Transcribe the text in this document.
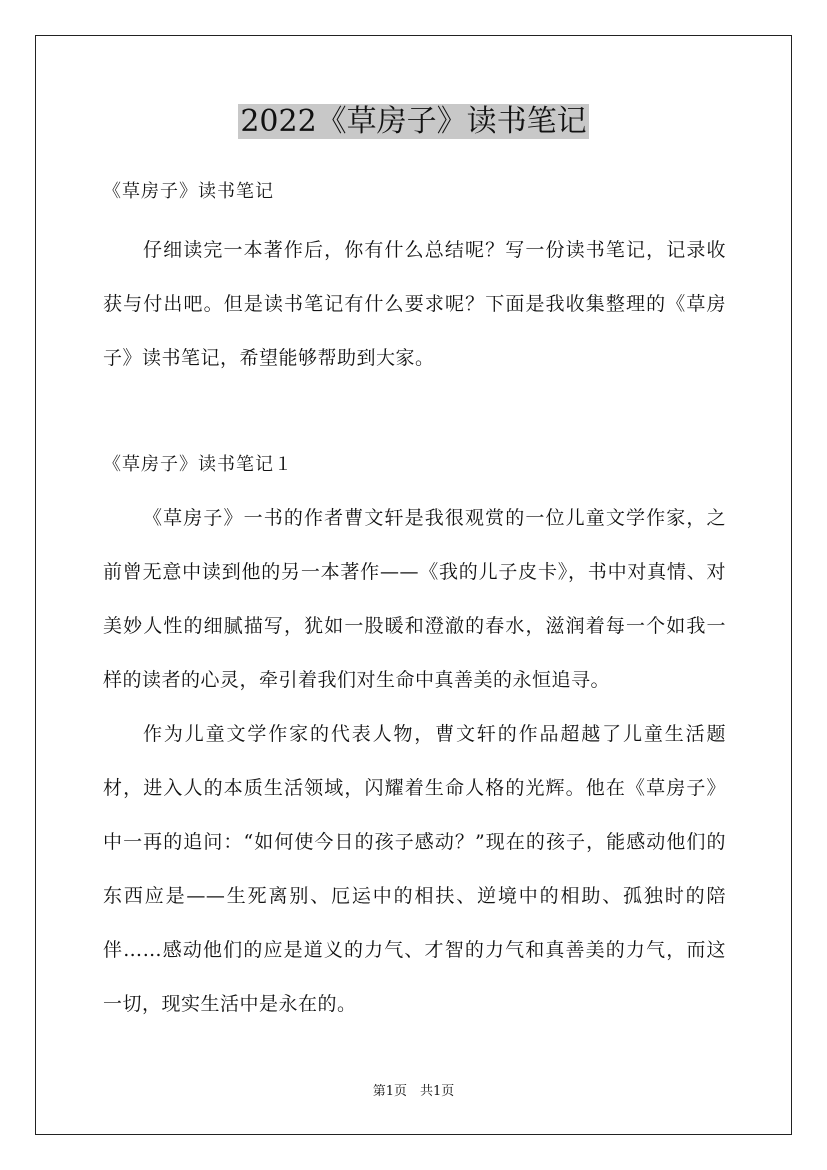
2022《草房子》读书笔记
《草房子》读书笔记

仔细读完一本著作后，你有什么总结呢？写一份读书笔记，记录收获与付出吧。但是读书笔记有什么要求呢？下面是我收集整理的《草房子》读书笔记，希望能够帮助到大家。

《草房子》读书笔记１

《草房子》一书的作者曹文轩是我很观赏的一位儿童文学作家，之前曾无意中读到他的另一本著作——《我的儿子皮卡》，书中对真情、对美妙人性的细腻描写，犹如一股暖和澄澈的春水，滋润着每一个如我一样的读者的心灵，牵引着我们对生命中真善美的永恒追寻。

作为儿童文学作家的代表人物，曹文轩的作品超越了儿童生活题材，进入人的本质生活领域，闪耀着生命人格的光辉。他在《草房子》中一再的追问：“如何使今日的孩子感动？”现在的孩子，能感动他们的东西应是——生死离别、厄运中的相扶、逆境中的相助、孤独时的陪伴……感动他们的应是道义的力气、才智的力气和真善美的力气，而这一切，现实生活中是永在的。

第1页　共1页
